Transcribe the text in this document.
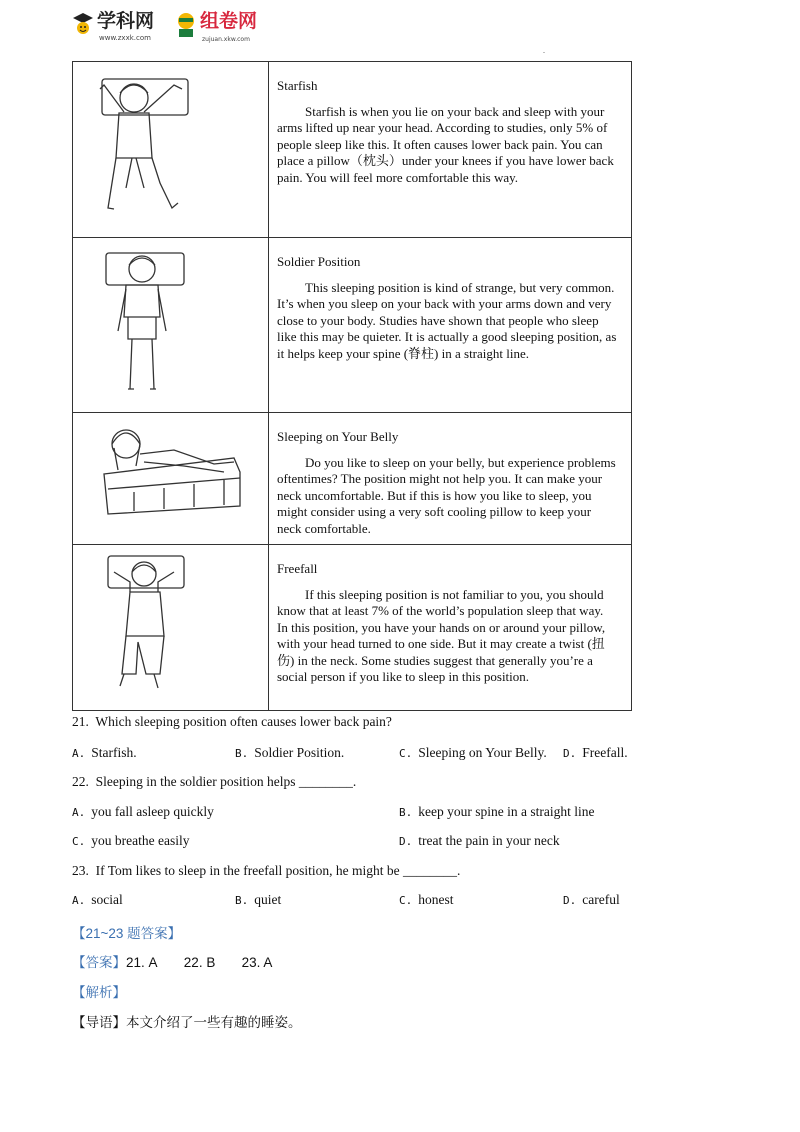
学科网
www.zxxk.com
组卷网
zujuan.xkw.com
.

Starfish

Starfish is when you lie on your back and sleep with your arms lifted up near your head. According to studies, only 5% of people sleep like this. It often causes lower back pain. You can place a pillow（枕头）under your knees if you have lower back pain. You will feel more comfortable this way.

Soldier Position

This sleeping position is kind of strange, but very common. It’s when you sleep on your back with your arms down and very close to your body. Studies have shown that people who sleep like this may be quieter. It is actually a good sleeping position, as it helps keep your spine (脊柱) in a straight line.

Sleeping on Your Belly

Do you like to sleep on your belly, but experience problems oftentimes? The position might not help you. It can make your neck uncomfortable. But if this is how you like to sleep, you might consider using a very soft cooling pillow to keep your neck comfortable.

Freefall

If this sleeping position is not familiar to you, you should know that at least 7% of the world’s population sleep that way. In this position, you have your hands on or around your pillow, with your head turned to one side. But it may create a twist (扭伤) in the neck. Some studies suggest that generally you’re a social person if you like to sleep in this position.

21. Which sleeping position often causes lower back pain?
A. Starfish.	B. Soldier Position.	C. Sleeping on Your Belly. D. Freefall.
22. Sleeping in the soldier position helps ________.
A. you fall asleep quickly	B. keep your spine in a straight line
C. you breathe easily	D. treat the pain in your neck
23. If Tom likes to sleep in the freefall position, he might be ________.
A. social	B. quiet	C. honest	D. careful
【21~23 题答案】
【答案】21. A 22. B 23. A
【解析】
【导语】本文介绍了一些有趣的睡姿。
